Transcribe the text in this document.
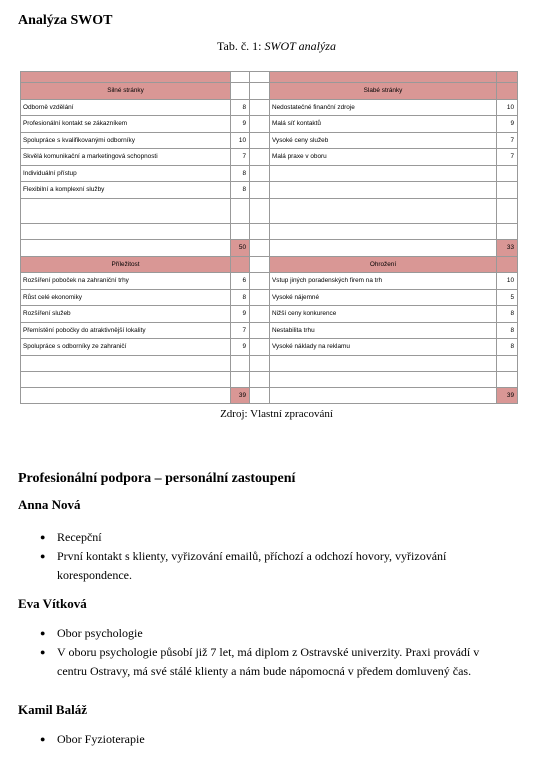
Analýza SWOT
Tab. č. 1: SWOT analýza

Silné stránky			Slabé stránky	
Odborně vzdělání	8		Nedostatečné finanční zdroje	10
Profesionální kontakt se zákazníkem	9		Malá síť kontaktů	9
Spolupráce s kvalifikovanými odborníky	10		Vysoké ceny služeb	7
Skvělá komunikační a marketingová schopnosti	7		Malá praxe v oboru	7
Individuální přístup	8			
Flexibilní a komplexní služby	8			

	50			33
Příležitost			Ohrožení	
Rozšíření poboček na zahraniční trhy	6		Vstup jiných poradenských firem na trh	10
Růst celé ekonomiky	8		Vysoké nájemné	5
Rozšíření služeb	9		Nižší ceny konkurence	8
Přemístění pobočky do atraktivnější lokality	7		Nestabilita trhu	8
Spolupráce s odborníky ze zahraničí	9		Vysoké náklady na reklamu	8

	39			39
Zdroj: Vlastní zpracování
Profesionální podpora – personální zastoupení
Anna Nová
● Recepční
● První kontakt s klienty, vyřizování emailů, příchozí a odchozí hovory, vyřizování korespondence.
Eva Vítková
● Obor psychologie
● V oboru psychologie působí již 7 let, má diplom z Ostravské univerzity. Praxi provádí v centru Ostravy, má své stálé klienty a nám bude nápomocná v předem domluvený čas.
Kamil Baláž
● Obor Fyzioterapie
